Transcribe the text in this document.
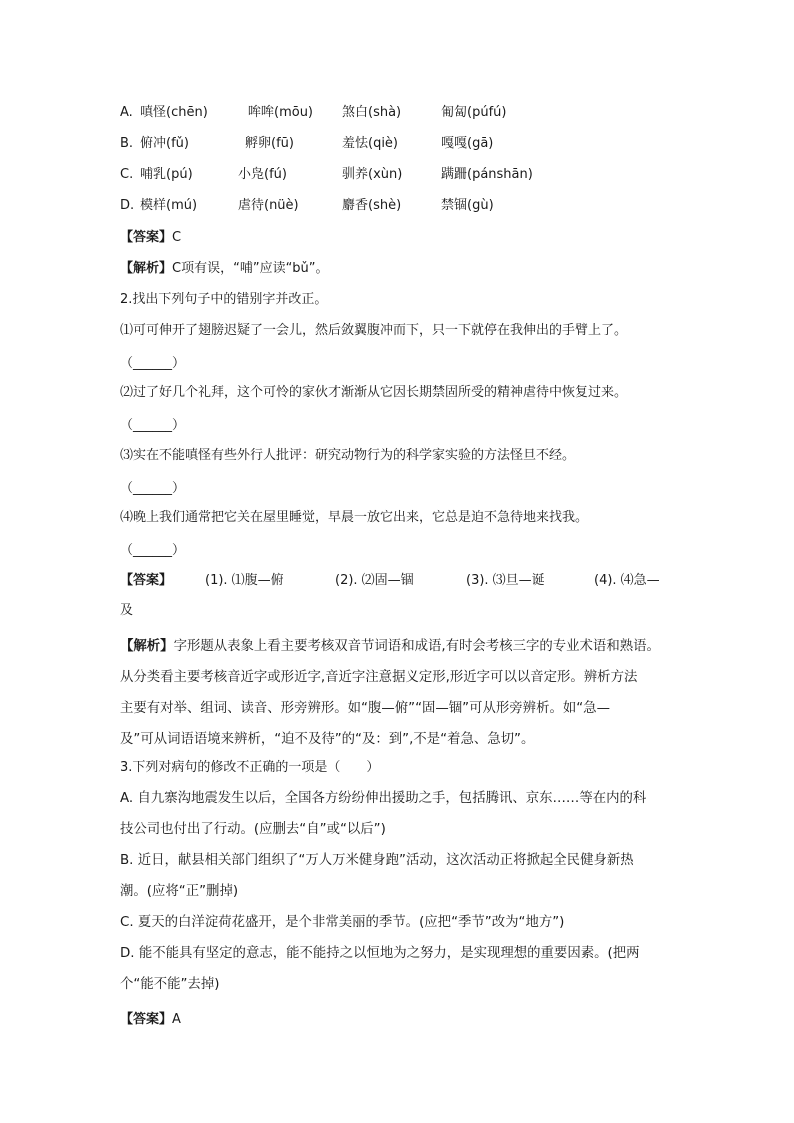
A. 嗔怪(chēn)	哞哞(mōu) 煞白(shà)	匍匐(púfú)
B. 俯冲(fǔ)	孵卵(fū)	羞怯(qiè)	嘎嘎(gā)
C. 哺乳(pú)	小凫(fú)	驯养(xùn)	蹒跚(pánshān)
D. 模样(mú)	虐待(nüè)	麝香(shè)	禁锢(gù)
【答案】C
【解析】C项有误，“哺”应读“bǔ”。
2.找出下列句子中的错别字并改正。
⑴可可伸开了翅膀迟疑了一会儿，然后敛翼腹冲而下，只一下就停在我伸出的手臂上了。
（______）
⑵过了好几个礼拜，这个可怜的家伙才渐渐从它因长期禁固所受的精神虐待中恢复过来。
（______）
⑶实在不能嗔怪有些外行人批评：研究动物行为的科学家实验的方法怪旦不经。
（______）
⑷晚上我们通常把它关在屋里睡觉，早晨一放它出来，它总是迫不急待地来找我。
（______）
【答案】	(1). ⑴腹—俯	(2). ⑵固—锢	(3). ⑶旦—诞	(4). ⑷急—
及
【解析】字形题从表象上看主要考核双音节词语和成语,有时会考核三字的专业术语和熟语。
从分类看主要考核音近字或形近字,音近字注意据义定形,形近字可以以音定形。辨析方法
主要有对举、组词、读音、形旁辨形。如“腹—俯”“固—锢”可从形旁辨析。如“急—
及”可从词语语境来辨析，“迫不及待”的“及：到”,不是“着急、急切”。
3.下列对病句的修改不正确的一项是（　　）
A. 自九寨沟地震发生以后，全国各方纷纷伸出援助之手，包括腾讯、京东……等在内的科
技公司也付出了行动。(应删去“自”或“以后”)
B. 近日，献县相关部门组织了“万人万米健身跑”活动，这次活动正将掀起全民健身新热
潮。(应将“正”删掉)
C. 夏天的白洋淀荷花盛开，是个非常美丽的季节。(应把“季节”改为“地方”)
D. 能不能具有坚定的意志，能不能持之以恒地为之努力，是实现理想的重要因素。(把两
个“能不能”去掉)
【答案】A
